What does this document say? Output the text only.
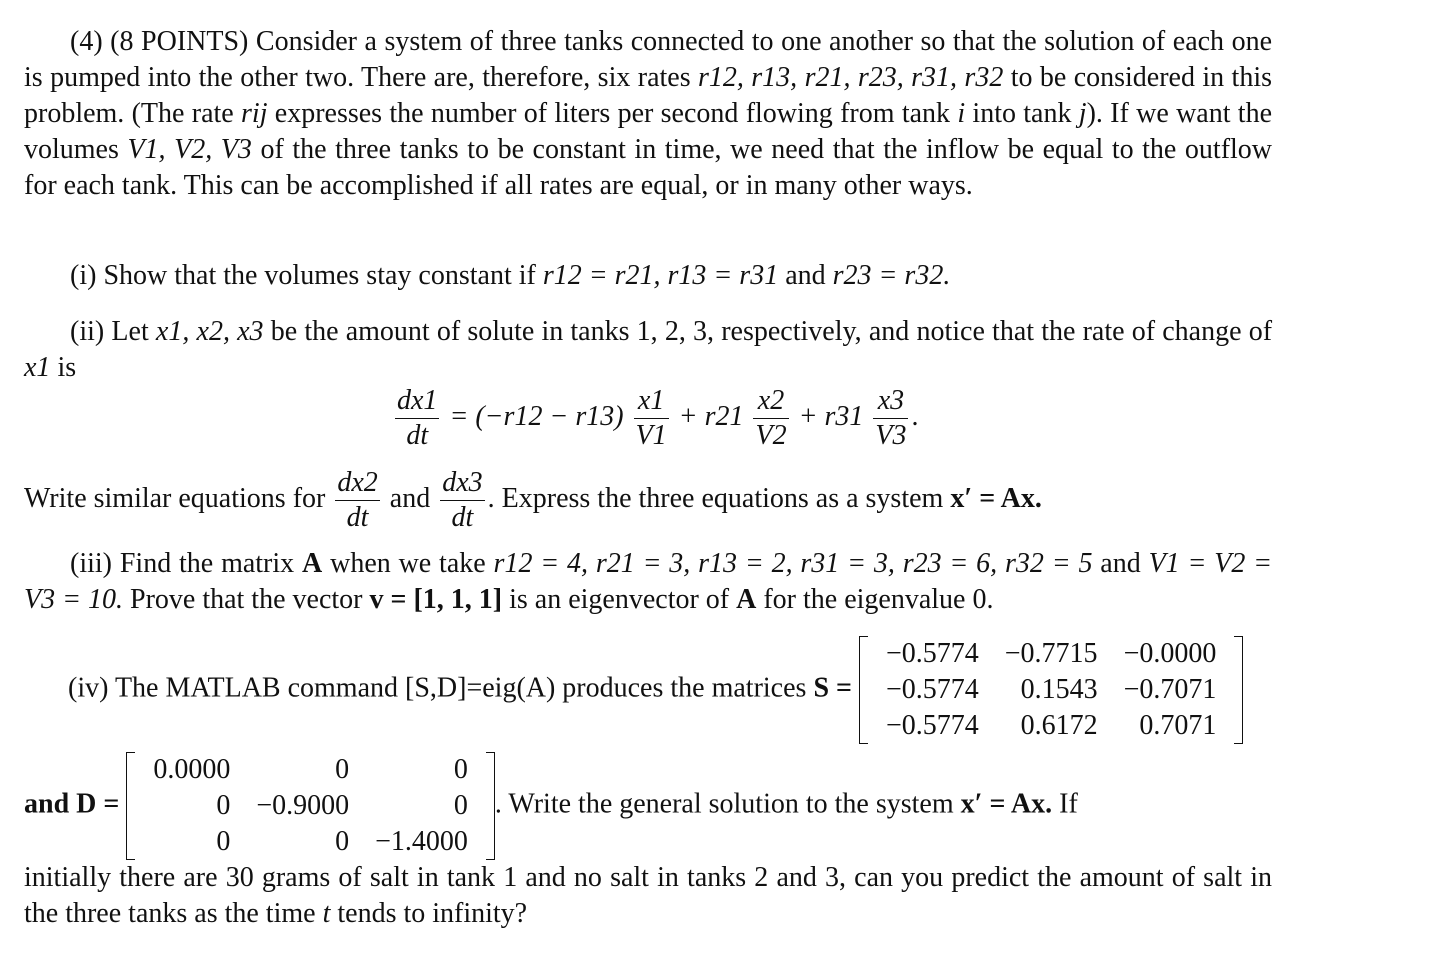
(4) (8 POINTS) Consider a system of three tanks connected to one another so that the solution of each one is pumped into the other two. There are, therefore, six rates r12, r13, r21, r23, r31, r32 to be considered in this problem. (The rate rij expresses the number of liters per second flowing from tank i into tank j). If we want the volumes V1, V2, V3 of the three tanks to be constant in time, we need that the inflow be equal to the outflow for each tank. This can be accomplished if all rates are equal, or in many other ways.

(i) Show that the volumes stay constant if r12 = r21, r13 = r31 and r23 = r32.

(ii) Let x1, x2, x3 be the amount of solute in tanks 1, 2, 3, respectively, and notice that the rate of change of x1 is

$\frac{dx1}{dt} = (-r12 - r13) \frac{x1}{V1} + r21 \frac{x2}{V2} + r31 \frac{x3}{V3}$ .
Write similar equations for $\frac{dx2}{dt}$ and $\frac{dx3}{dt}$ . Express the three equations as a system x′ = Ax.

(iii) Find the matrix A when we take r12 = 4, r21 = 3, r13 = 2, r31 = 3, r23 = 6, r32 = 5 and V1 = V2 = V3 = 10. Prove that the vector v = [1, 1, 1] is an eigenvector of A for the eigenvalue 0.

(iv) The MATLAB command [S,D]=eig(A) produces the matrices S =
−0.5774	−0.7715	−0.0000
−0.5774	0.1543	−0.7071
−0.5774	0.6172	0.7071
and D =
0.0000	0	0
0	−0.9000	0
0	0	−1.4000
. Write the general solution to the system x′ = Ax. If

initially there are 30 grams of salt in tank 1 and no salt in tanks 2 and 3, can you predict the amount of salt in the three tanks as the time t tends to infinity?
